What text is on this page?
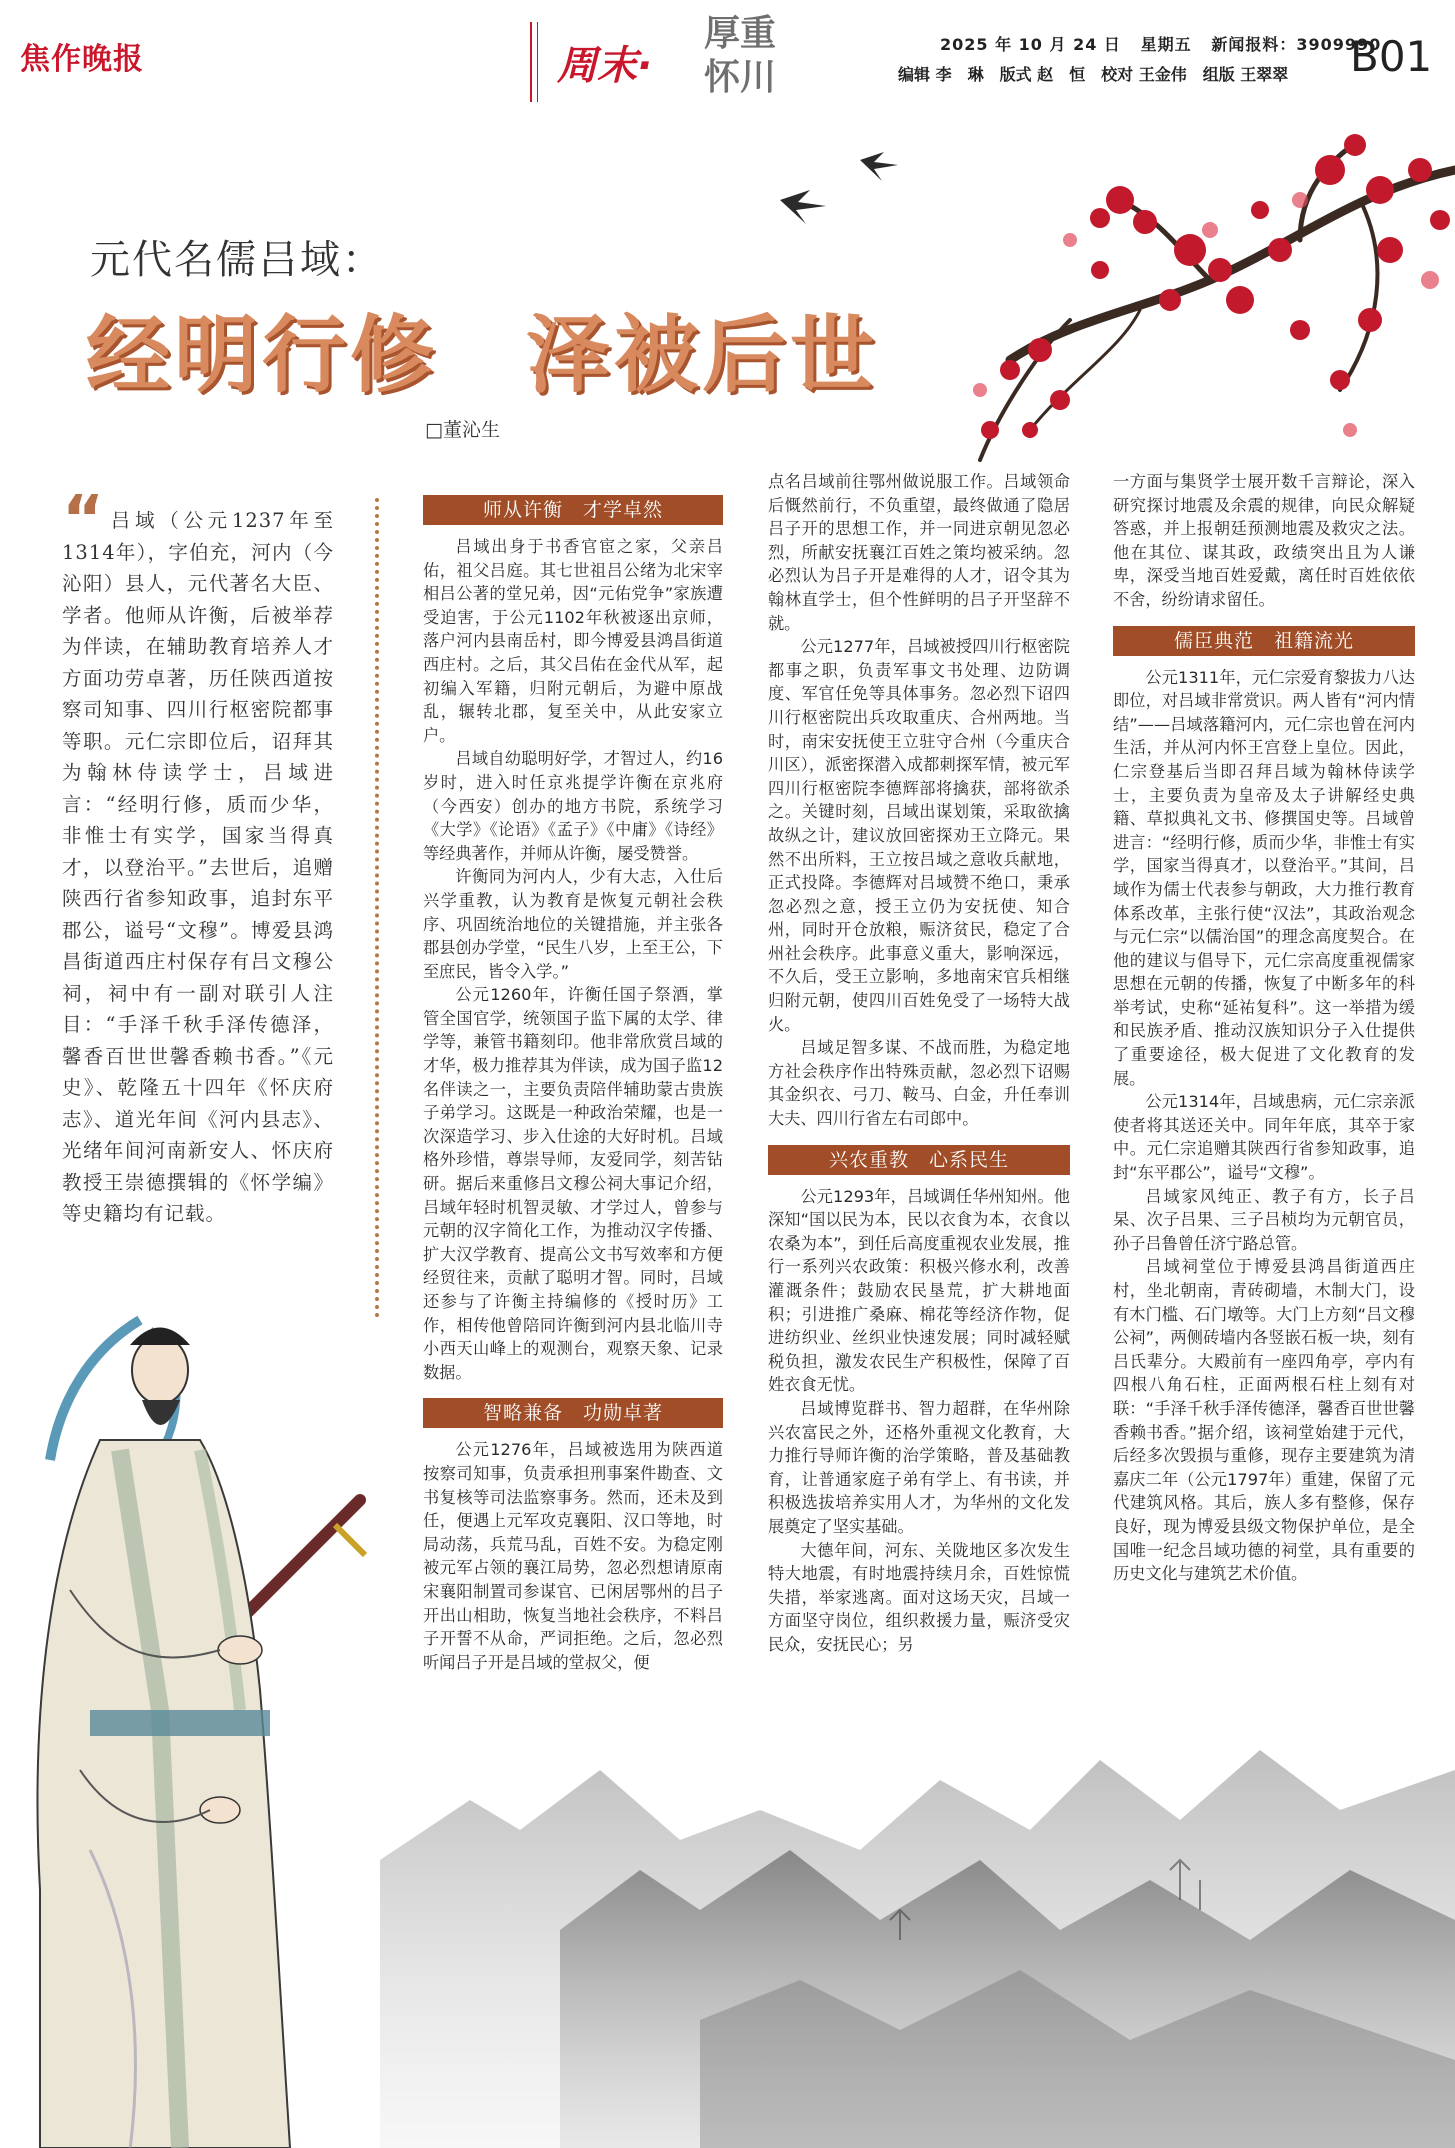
焦作晚报	周末·
厚重怀川
2025 年 10 月 24 日 星期五 新闻报料：3909990
编辑 李　琳　版式 赵　恒　校对 王金伟　组版 王翠翠 B01
元代名儒吕域：
经明行修　泽被后世
□董沁生
“ 吕域（公元1237年至1314年），字伯充，河内（今沁阳）县人，元代著名大臣、学者。他师从许衡，后被举荐为伴读，在辅助教育培养人才方面功劳卓著，历任陕西道按察司知事、四川行枢密院都事等职。元仁宗即位后，诏拜其为翰林侍读学士，吕域进言：“经明行修，质而少华，非惟士有实学，国家当得真才，以登治平。”去世后，追赠陕西行省参知政事，追封东平郡公，谥号“文穆”。博爱县鸿昌街道西庄村保存有吕文穆公祠，祠中有一副对联引人注目：“手泽千秋手泽传德泽，馨香百世世馨香赖书香。”《元史》、乾隆五十四年《怀庆府志》、道光年间《河内县志》、光绪年间河南新安人、怀庆府教授王崇德撰辑的《怀学编》等史籍均有记载。
师从许衡　才学卓然

吕域出身于书香官宦之家，父亲吕佑，祖父吕庭。其七世祖吕公绪为北宋宰相吕公著的堂兄弟，因“元佑党争”家族遭受迫害，于公元1102年秋被逐出京师，落户河内县南岳村，即今博爱县鸿昌街道西庄村。之后，其父吕佑在金代从军，起初编入军籍，归附元朝后，为避中原战乱，辗转北郡，复至关中，从此安家立户。

吕域自幼聪明好学，才智过人，约16岁时，进入时任京兆提学许衡在京兆府（今西安）创办的地方书院，系统学习《大学》《论语》《孟子》《中庸》《诗经》等经典著作，并师从许衡，屡受赞誉。

许衡同为河内人，少有大志，入仕后兴学重教，认为教育是恢复元朝社会秩序、巩固统治地位的关键措施，并主张各郡县创办学堂，“民生八岁，上至王公，下至庶民，皆令入学。”

公元1260年，许衡任国子祭酒，掌管全国官学，统领国子监下属的太学、律学等，兼管书籍刻印。他非常欣赏吕域的才华，极力推荐其为伴读，成为国子监12名伴读之一，主要负责陪伴辅助蒙古贵族子弟学习。这既是一种政治荣耀，也是一次深造学习、步入仕途的大好时机。吕域格外珍惜，尊崇导师，友爱同学，刻苦钻研。据后来重修吕文穆公祠大事记介绍，吕域年轻时机智灵敏、才学过人，曾参与元朝的汉字简化工作，为推动汉字传播、扩大汉学教育、提高公文书写效率和方便经贸往来，贡献了聪明才智。同时，吕域还参与了许衡主持编修的《授时历》工作，相传他曾陪同许衡到河内县北临川寺小西天山峰上的观测台，观察天象、记录数据。

智略兼备　功勋卓著

公元1276年，吕域被选用为陕西道按察司知事，负责承担刑事案件勘查、文书复核等司法监察事务。然而，还未及到任，便遇上元军攻克襄阳、汉口等地，时局动荡，兵荒马乱，百姓不安。为稳定刚被元军占领的襄江局势，忽必烈想请原南宋襄阳制置司参谋官、已闲居鄂州的吕子开出山相助，恢复当地社会秩序，不料吕子开誓不从命，严词拒绝。之后，忽必烈听闻吕子开是吕域的堂叔父，便

点名吕域前往鄂州做说服工作。吕域领命后慨然前行，不负重望，最终做通了隐居吕子开的思想工作，并一同进京朝见忽必烈，所献安抚襄江百姓之策均被采纳。忽必烈认为吕子开是难得的人才，诏令其为翰林直学士，但个性鲜明的吕子开坚辞不就。

公元1277年，吕域被授四川行枢密院都事之职，负责军事文书处理、边防调度、军官任免等具体事务。忽必烈下诏四川行枢密院出兵攻取重庆、合州两地。当时，南宋安抚使王立驻守合州（今重庆合川区），派密探潜入成都刺探军情，被元军四川行枢密院李德辉部将擒获，部将欲杀之。关键时刻，吕域出谋划策，采取欲擒故纵之计，建议放回密探劝王立降元。果然不出所料，王立按吕域之意收兵献地，正式投降。李德辉对吕域赞不绝口，秉承忽必烈之意，授王立仍为安抚使、知合州，同时开仓放粮，赈济贫民，稳定了合州社会秩序。此事意义重大，影响深远，不久后，受王立影响，多地南宋官兵相继归附元朝，使四川百姓免受了一场特大战火。

吕域足智多谋、不战而胜，为稳定地方社会秩序作出特殊贡献，忽必烈下诏赐其金织衣、弓刀、鞍马、白金，升任奉训大夫、四川行省左右司郎中。

兴农重教　心系民生

公元1293年，吕域调任华州知州。他深知“国以民为本，民以衣食为本，衣食以农桑为本”，到任后高度重视农业发展，推行一系列兴农政策：积极兴修水利，改善灌溉条件；鼓励农民垦荒，扩大耕地面积；引进推广桑麻、棉花等经济作物，促进纺织业、丝织业快速发展；同时减轻赋税负担，激发农民生产积极性，保障了百姓衣食无忧。

吕域博览群书、智力超群，在华州除兴农富民之外，还格外重视文化教育，大力推行导师许衡的治学策略，普及基础教育，让普通家庭子弟有学上、有书读，并积极选拔培养实用人才，为华州的文化发展奠定了坚实基础。

大德年间，河东、关陇地区多次发生特大地震，有时地震持续月余，百姓惊慌失措，举家逃离。面对这场天灾，吕域一方面坚守岗位，组织救援力量，赈济受灾民众，安抚民心；另

一方面与集贤学士展开数千言辩论，深入研究探讨地震及余震的规律，向民众解疑答惑，并上报朝廷预测地震及救灾之法。他在其位、谋其政，政绩突出且为人谦卑，深受当地百姓爱戴，离任时百姓依依不舍，纷纷请求留任。

儒臣典范　祖籍流光

公元1311年，元仁宗爱育黎拔力八达即位，对吕域非常赏识。两人皆有“河内情结”——吕域落籍河内，元仁宗也曾在河内生活，并从河内怀王宫登上皇位。因此，仁宗登基后当即召拜吕域为翰林侍读学士，主要负责为皇帝及太子讲解经史典籍、草拟典礼文书、修撰国史等。吕域曾进言：“经明行修，质而少华，非惟士有实学，国家当得真才，以登治平。”其间，吕域作为儒士代表参与朝政，大力推行教育体系改革，主张行使“汉法”，其政治观念与元仁宗“以儒治国”的理念高度契合。在他的建议与倡导下，元仁宗高度重视儒家思想在元朝的传播，恢复了中断多年的科举考试，史称“延祐复科”。这一举措为缓和民族矛盾、推动汉族知识分子入仕提供了重要途径，极大促进了文化教育的发展。

公元1314年，吕域患病，元仁宗亲派使者将其送还关中。同年年底，其卒于家中。元仁宗追赠其陕西行省参知政事，追封“东平郡公”，谥号“文穆”。

吕域家风纯正、教子有方，长子吕杲、次子吕果、三子吕桢均为元朝官员，孙子吕鲁曾任济宁路总管。

吕域祠堂位于博爱县鸿昌街道西庄村，坐北朝南，青砖砌墙，木制大门，设有木门槛、石门墩等。大门上方刻“吕文穆公祠”，两侧砖墙内各竖嵌石板一块，刻有吕氏辈分。大殿前有一座四角亭，亭内有四根八角石柱，正面两根石柱上刻有对联：“手泽千秋手泽传德泽，馨香百世世馨香赖书香。”据介绍，该祠堂始建于元代，后经多次毁损与重修，现存主要建筑为清嘉庆二年（公元1797年）重建，保留了元代建筑风格。其后，族人多有整修，保存良好，现为博爱县级文物保护单位，是全国唯一纪念吕域功德的祠堂，具有重要的历史文化与建筑艺术价值。
